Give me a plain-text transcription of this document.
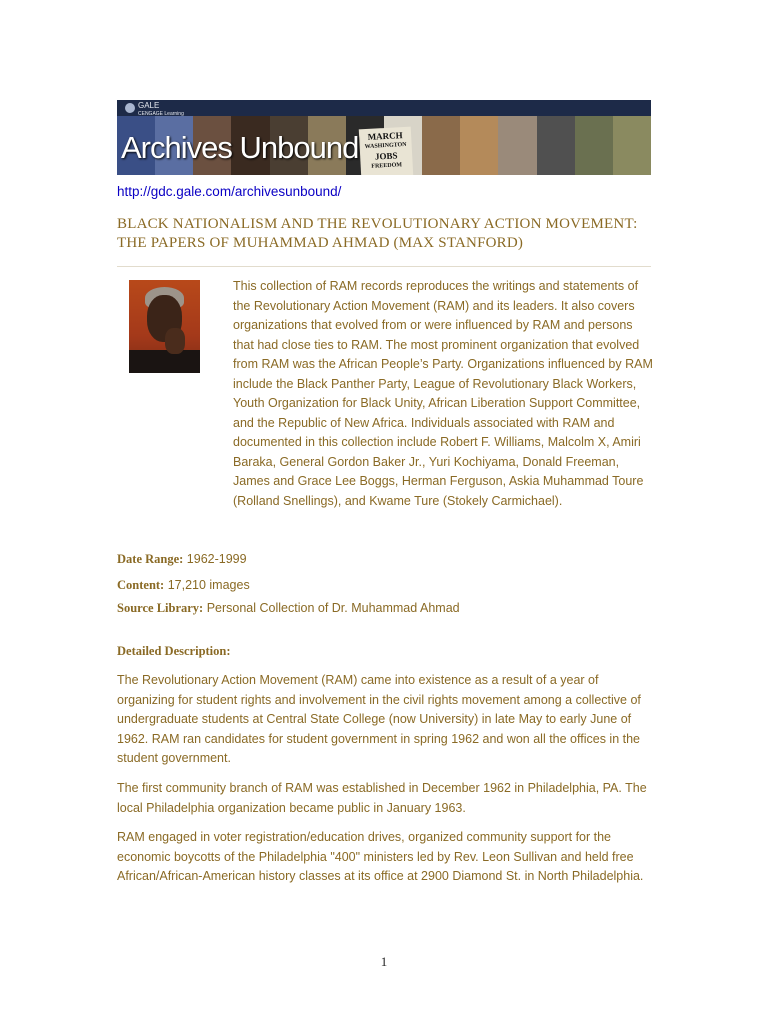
GALE
CENGAGE Learning
MARCH
WASHINGTON
JOBS
FREEDOM
Archives Unbound
http://gdc.gale.com/archivesunbound/
BLACK NATIONALISM AND THE REVOLUTIONARY ACTION MOVEMENT:
THE PAPERS OF MUHAMMAD AHMAD (MAX STANFORD)

This collection of RAM records reproduces the writings and statements of the Revolutionary Action Movement (RAM) and its leaders. It also covers organizations that evolved from or were influenced by RAM and persons that had close ties to RAM. The most prominent organization that evolved from RAM was the African People’s Party. Organizations influenced by RAM include the Black Panther Party, League of Revolutionary Black Workers, Youth Organization for Black Unity, African Liberation Support Committee, and the Republic of New Africa. Individuals associated with RAM and documented in this collection include Robert F. Williams, Malcolm X, Amiri Baraka, General Gordon Baker Jr., Yuri Kochiyama, Donald Freeman, James and Grace Lee Boggs, Herman Ferguson, Askia Muhammad Toure (Rolland Snellings), and Kwame Ture (Stokely Carmichael).

Date Range: 1962-1999
Content: 17,210 images
Source Library: Personal Collection of Dr. Muhammad Ahmad
Detailed Description:

The Revolutionary Action Movement (RAM) came into existence as a result of a year of organizing for student rights and involvement in the civil rights movement among a collective of undergraduate students at Central State College (now University) in late May to early June of 1962. RAM ran candidates for student government in spring 1962 and won all the offices in the student government.

The first community branch of RAM was established in December 1962 in Philadelphia, PA. The local Philadelphia organization became public in January 1963.

RAM engaged in voter registration/education drives, organized community support for the economic boycotts of the Philadelphia "400" ministers led by Rev. Leon Sullivan and held free African/African-American history classes at its office at 2900 Diamond St. in North Philadelphia.

1
